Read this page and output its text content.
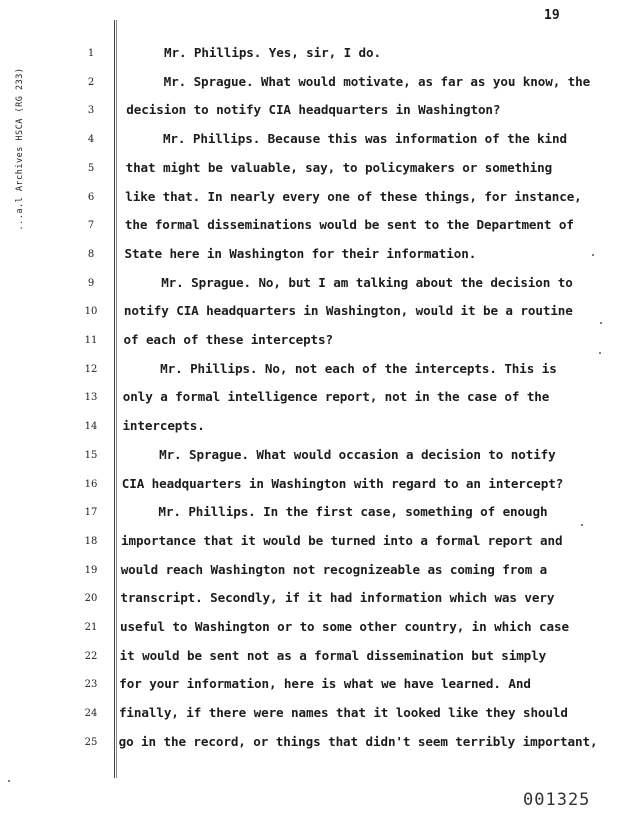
...a.l Archives HSCA (RG 233)
19
1	Mr. Phillips. Yes, sir, I do.
2	Mr. Sprague. What would motivate, as far as you know, the
3	decision to notify CIA headquarters in Washington?
4	Mr. Phillips. Because this was information of the kind
5	that might be valuable, say, to policymakers or something
6	like that. In nearly every one of these things, for instance,
7	the formal disseminations would be sent to the Department of
8	State here in Washington for their information.
9	Mr. Sprague. No, but I am talking about the decision to
10 notify CIA headquarters in Washington, would it be a routine
11 of each of these intercepts?
12	Mr. Phillips. No, not each of the intercepts. This is
13 only a formal intelligence report, not in the case of the
14 intercepts.
15	Mr. Sprague. What would occasion a decision to notify
16 CIA headquarters in Washington with regard to an intercept?
17	Mr. Phillips. In the first case, something of enough
18 importance that it would be turned into a formal report and
19 would reach Washington not recognizeable as coming from a
20 transcript. Secondly, if it had information which was very
21 useful to Washington or to some other country, in which case
22 it would be sent not as a formal dissemination but simply
23 for your information, here is what we have learned. And
24 finally, if there were names that it looked like they should
25 go in the record, or things that didn't seem terribly important,
001325
